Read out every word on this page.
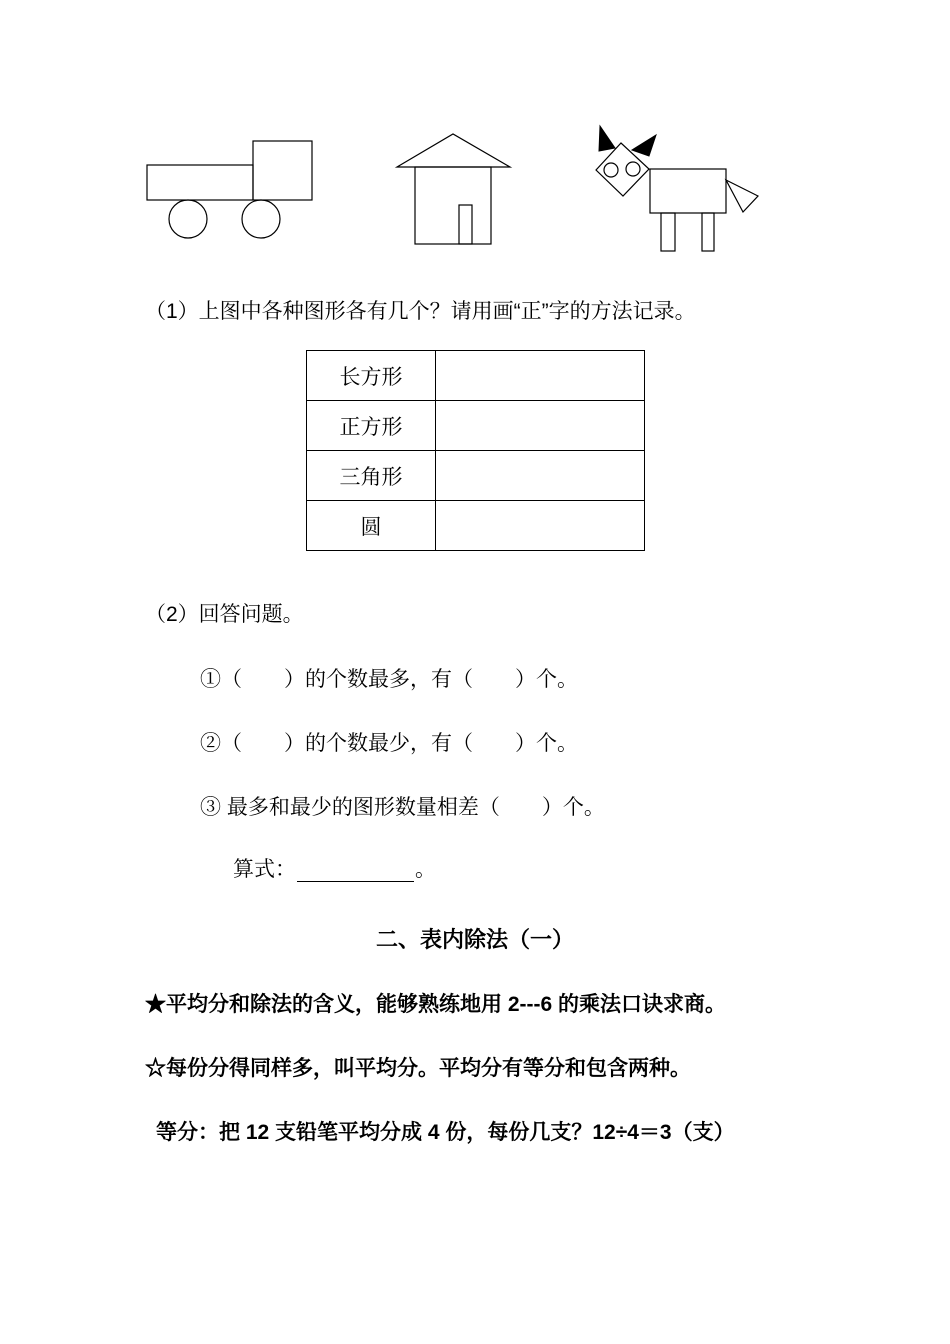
（1）上图中各种图形各有几个？请用画“正”字的方法记录。
长方形	
正方形	
三角形	
圆	
（2）回答问题。
①（　　）的个数最多，有（　　）个。
②（　　）的个数最少，有（　　）个。
③ 最多和最少的图形数量相差（　　）个。
算式：	。
二、表内除法（一）
★平均分和除法的含义，能够熟练地用 2---6 的乘法口诀求商。
☆每份分得同样多，叫平均分。平均分有等分和包含两种。
等分：把 12 支铅笔平均分成 4 份，每份几支？12÷4＝3（支）
